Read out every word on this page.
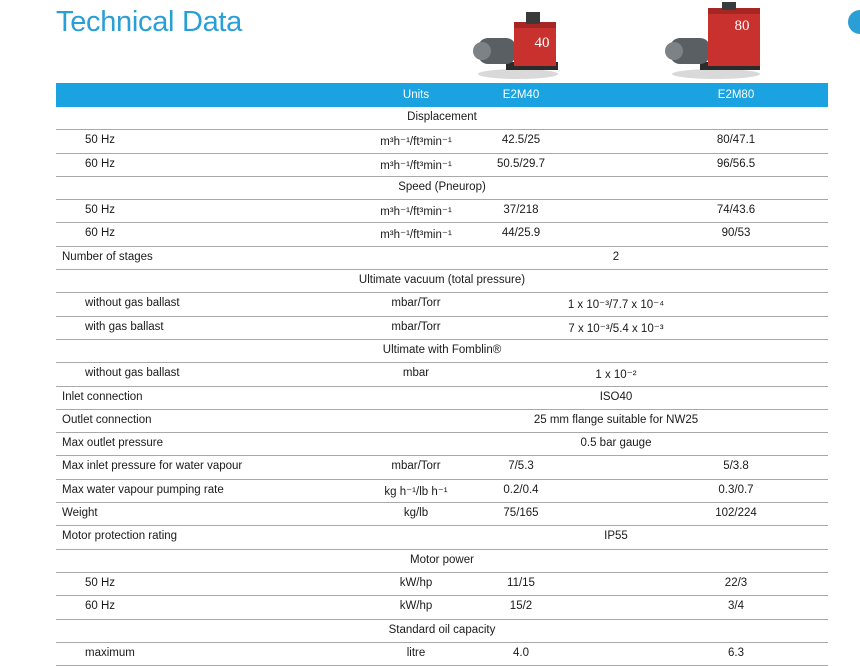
Technical Data
40
80
Units	E2M40	E2M80
Displacement
50 Hz	m³h⁻¹/ft³min⁻¹	42.5/25	80/47.1
60 Hz	m³h⁻¹/ft³min⁻¹	50.5/29.7	96/56.5
Speed (Pneurop)
50 Hz	m³h⁻¹/ft³min⁻¹	37/218	74/43.6
60 Hz	m³h⁻¹/ft³min⁻¹	44/25.9	90/53
Number of stages	2
Ultimate vacuum (total pressure)
without gas ballast	mbar/Torr	1 x 10⁻³/7.7 x 10⁻⁴
with gas ballast	mbar/Torr	7 x 10⁻³/5.4 x 10⁻³
Ultimate with Fomblin®
without gas ballast	mbar	1 x 10⁻²
Inlet connection	ISO40
Outlet connection	25 mm flange suitable for NW25
Max outlet pressure	0.5 bar gauge
Max inlet pressure for water vapour	mbar/Torr	7/5.3	5/3.8
Max water vapour pumping rate	kg h⁻¹/lb h⁻¹	0.2/0.4	0.3/0.7
Weight	kg/lb	75/165	102/224
Motor protection rating	IP55
Motor power
50 Hz	kW/hp	11/15	22/3
60 Hz	kW/hp	15/2	3/4
Standard oil capacity
maximum	litre	4.0	6.3
